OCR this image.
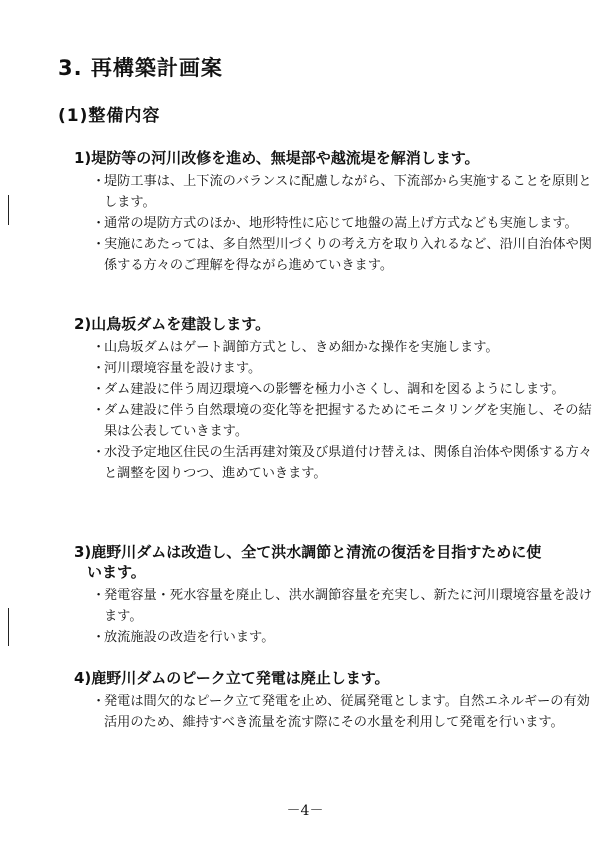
3. 再構築計画案
(1)整備内容
1)堤防等の河川改修を進め、無堤部や越流堤を解消します。
・
堤防工事は、上下流のバランスに配慮しながら、下流部から実施することを原則とします。
・
通常の堤防方式のほか、地形特性に応じて地盤の嵩上げ方式なども実施します。
・
実施にあたっては、多自然型川づくりの考え方を取り入れるなど、沿川自治体や関係する方々のご理解を得ながら進めていきます。
2)山鳥坂ダムを建設します。
・
山鳥坂ダムはゲート調節方式とし、きめ細かな操作を実施します。
・
河川環境容量を設けます。
・
ダム建設に伴う周辺環境への影響を極力小さくし、調和を図るようにします。
・
ダム建設に伴う自然環境の変化等を把握するためにモニタリングを実施し、その結果は公表していきます。
・
水没予定地区住民の生活再建対策及び県道付け替えは、関係自治体や関係する方々と調整を図りつつ、進めていきます。
3)鹿野川ダムは改造し、全て洪水調節と清流の復活を目指すために使
います。
・
発電容量・死水容量を廃止し、洪水調節容量を充実し、新たに河川環境容量を設けます。
・
放流施設の改造を行います。
4)鹿野川ダムのピーク立て発電は廃止します。
・
発電は間欠的なピーク立て発電を止め、従属発電とします。自然エネルギーの有効活用のため、維持すべき流量を流す際にその水量を利用して発電を行います。
－4－
